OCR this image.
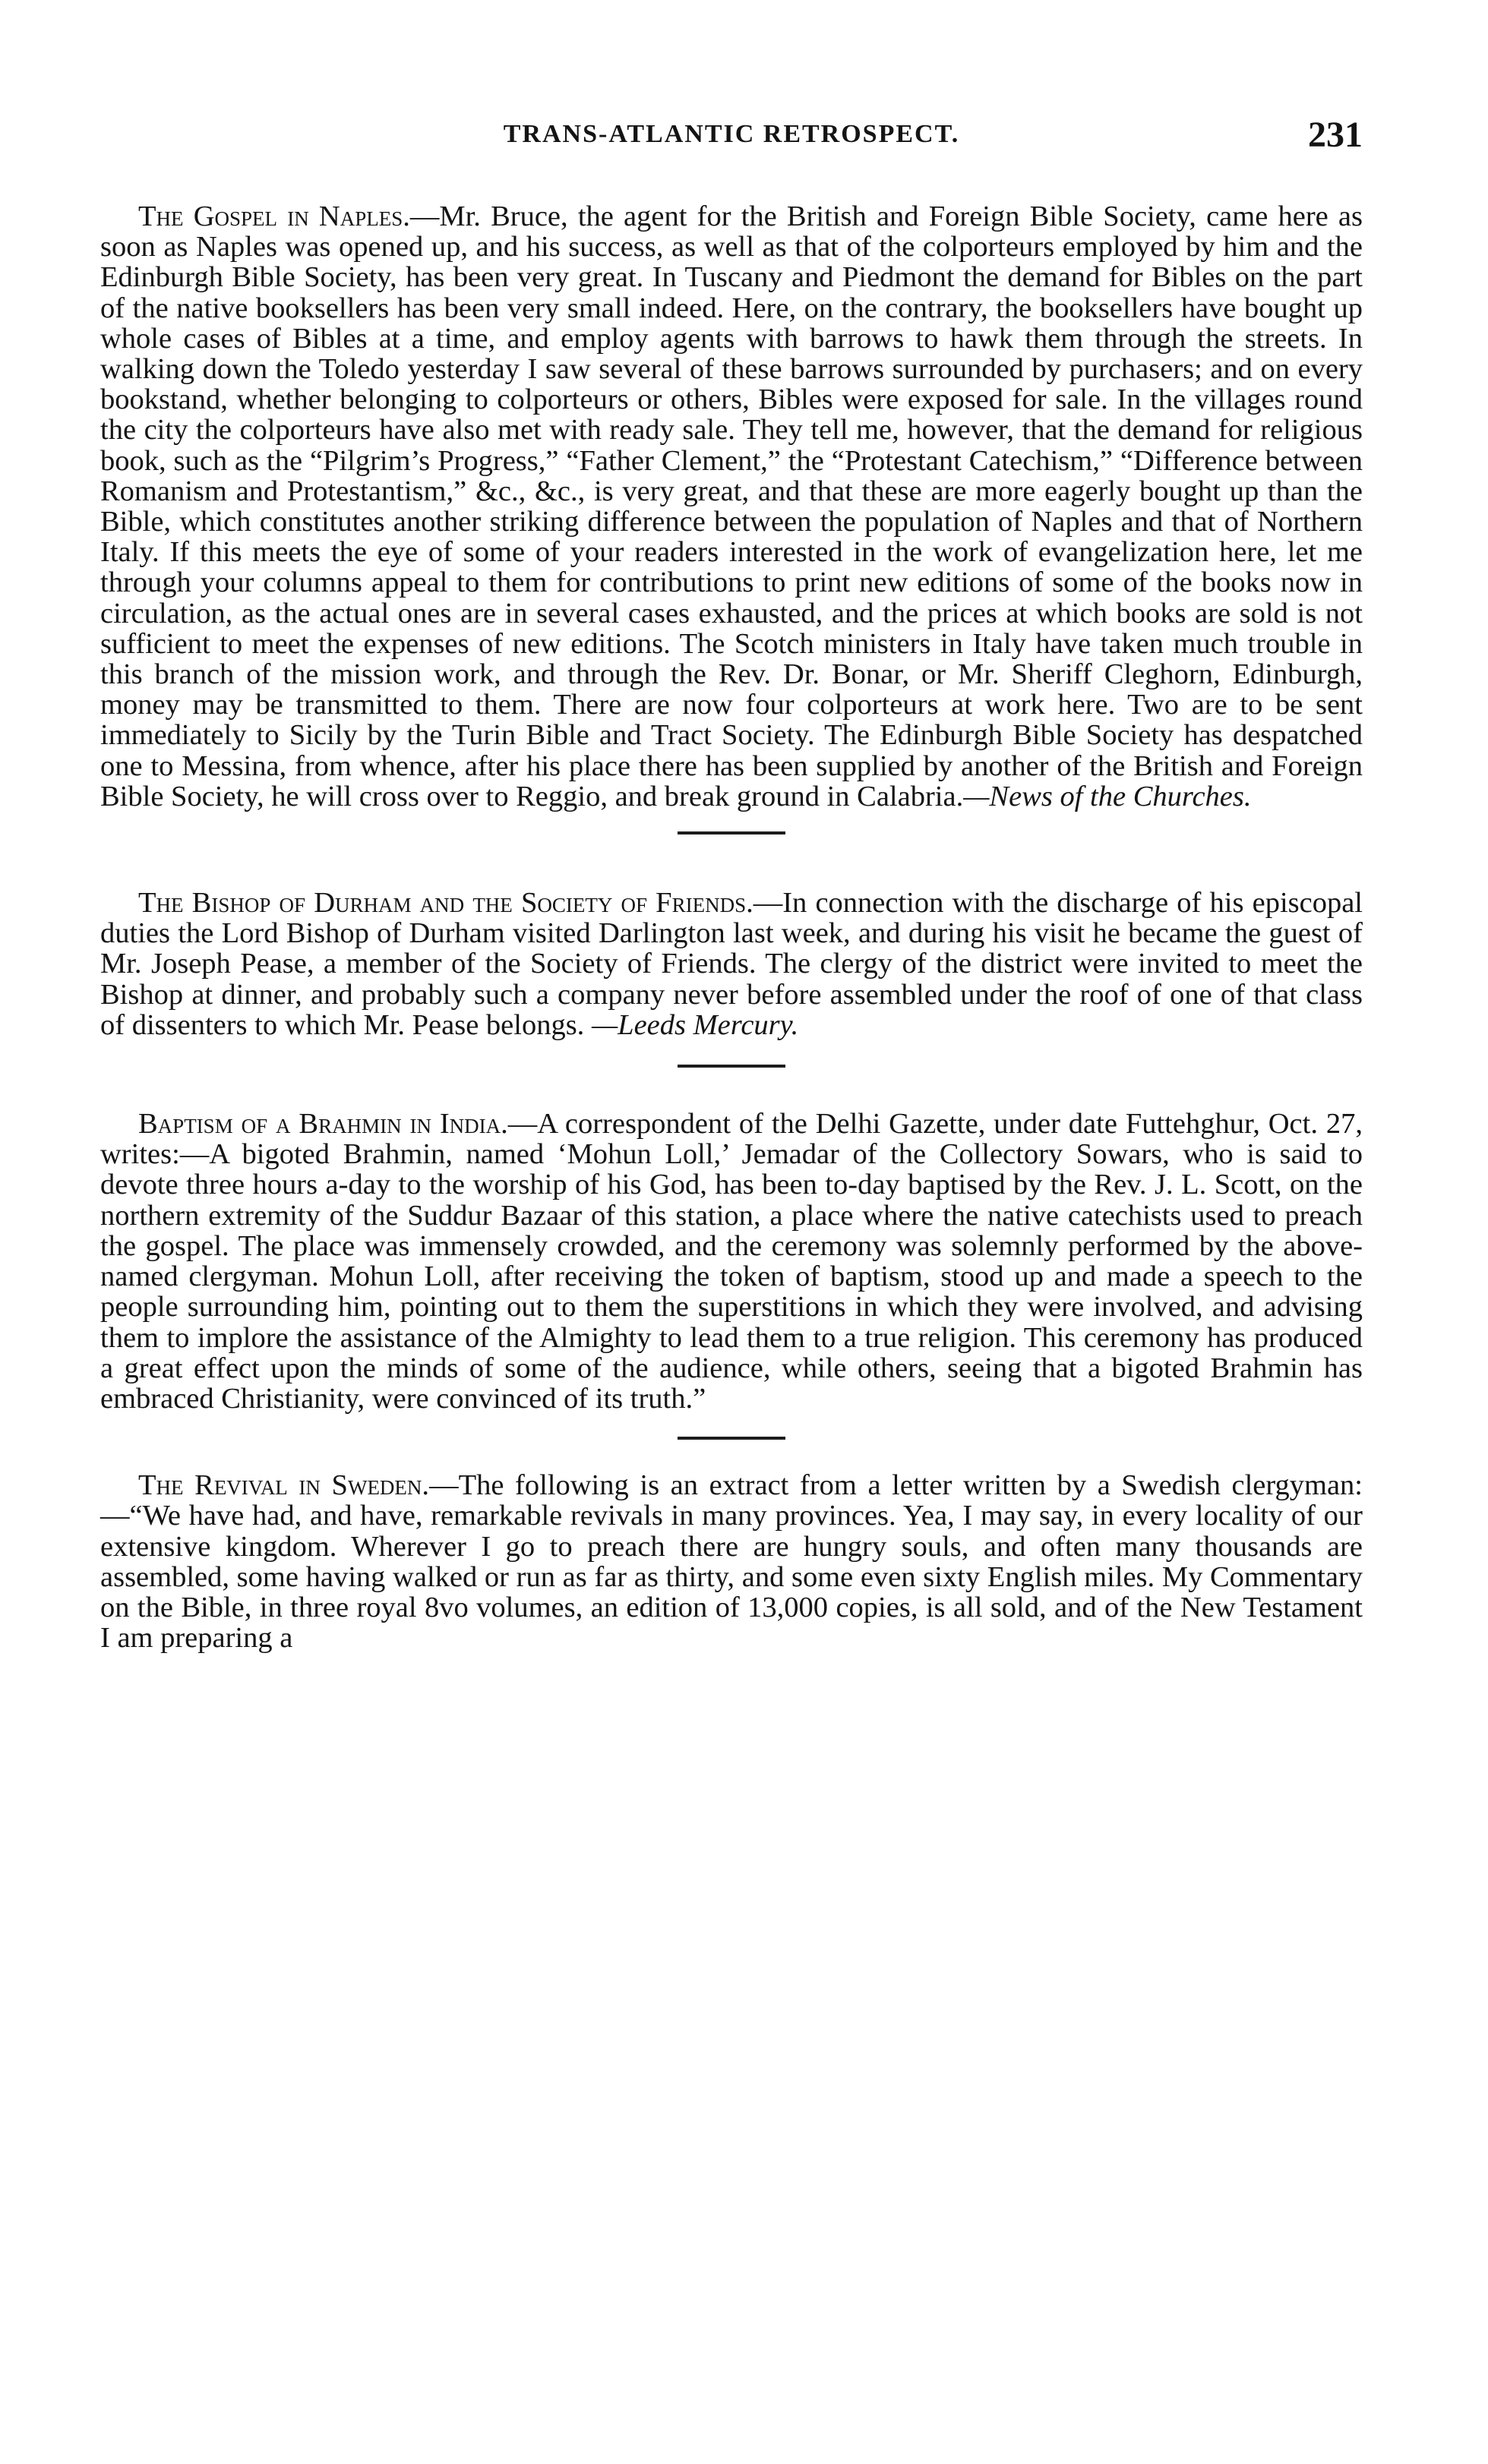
TRANS-ATLANTIC RETROSPECT.	231

The Gospel in Naples.—Mr. Bruce, the agent for the British and Foreign Bible Society, came here as soon as Naples was opened up, and his success, as well as that of the colporteurs employed by him and the Edinburgh Bible Society, has been very great. In Tuscany and Piedmont the demand for Bibles on the part of the native booksellers has been very small indeed. Here, on the contrary, the booksellers have bought up whole cases of Bibles at a time, and employ agents with barrows to hawk them through the streets. In walking down the Toledo yesterday I saw several of these barrows surrounded by purchasers; and on every bookstand, whether belonging to colporteurs or others, Bibles were exposed for sale. In the villages round the city the colporteurs have also met with ready sale. They tell me, however, that the demand for religious book, such as the “Pilgrim’s Progress,” “Father Clement,” the “Protestant Catechism,” “Difference between Romanism and Protestantism,” &c., &c., is very great, and that these are more eagerly bought up than the Bible, which constitutes another striking difference between the population of Naples and that of Northern Italy. If this meets the eye of some of your readers interested in the work of evangelization here, let me through your columns appeal to them for contributions to print new editions of some of the books now in circulation, as the actual ones are in several cases exhausted, and the prices at which books are sold is not sufficient to meet the expenses of new editions. The Scotch ministers in Italy have taken much trouble in this branch of the mission work, and through the Rev. Dr. Bonar, or Mr. Sheriff Cleghorn, Edinburgh, money may be transmitted to them. There are now four colporteurs at work here. Two are to be sent immediately to Sicily by the Turin Bible and Tract Society. The Edinburgh Bible Society has despatched one to Messina, from whence, after his place there has been supplied by another of the British and Foreign Bible Society, he will cross over to Reggio, and break ground in Calabria.—News of the Churches.

The Bishop of Durham and the Society of Friends.—In connection with the discharge of his episcopal duties the Lord Bishop of Durham visited Darlington last week, and during his visit he became the guest of Mr. Joseph Pease, a member of the Society of Friends. The clergy of the district were invited to meet the Bishop at dinner, and probably such a company never before assembled under the roof of one of that class of dissenters to which Mr. Pease belongs. —Leeds Mercury.

Baptism of a Brahmin in India.—A correspondent of the Delhi Gazette, under date Futtehghur, Oct. 27, writes:—A bigoted Brahmin, named ‘Mohun Loll,’ Jemadar of the Collectory Sowars, who is said to devote three hours a-day to the worship of his God, has been to-day baptised by the Rev. J. L. Scott, on the northern extremity of the Suddur Bazaar of this station, a place where the native catechists used to preach the gospel. The place was immensely crowded, and the ceremony was solemnly performed by the above-named clergyman. Mohun Loll, after receiving the token of baptism, stood up and made a speech to the people surrounding him, pointing out to them the superstitions in which they were involved, and advising them to implore the assistance of the Almighty to lead them to a true religion. This ceremony has produced a great effect upon the minds of some of the audience, while others, seeing that a bigoted Brahmin has embraced Christianity, were convinced of its truth.”

The Revival in Sweden.—The following is an extract from a letter written by a Swedish clergyman:—“We have had, and have, remarkable revivals in many provinces. Yea, I may say, in every locality of our extensive kingdom. Wherever I go to preach there are hungry souls, and often many thousands are assembled, some having walked or run as far as thirty, and some even sixty English miles. My Commentary on the Bible, in three royal 8vo volumes, an edition of 13,000 copies, is all sold, and of the New Testament I am preparing a
